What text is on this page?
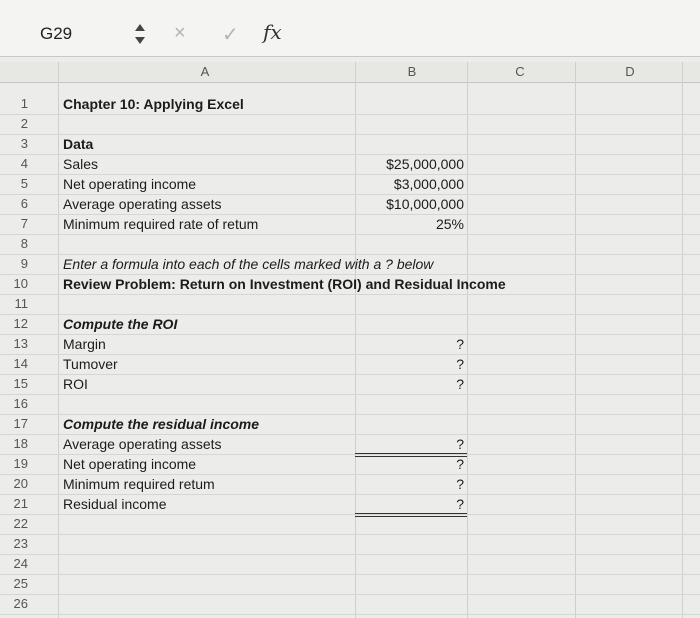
G29	× ✓ fx
A	B	C	D
1	Chapter 10: Applying Excel
2
3	Data
4	Sales	$25,000,000
5	Net operating income	$3,000,000
6	Average operating assets	$10,000,000
7	Minimum required rate of retum	25%
8
9	Enter a formula into each of the cells marked with a ? below
10	Review Problem: Return on Investment (ROI) and Residual Income
11
12	Compute the ROI
13	Margin	?
14	Tumover	?
15	ROI	?
16
17	Compute the residual income
18	Average operating assets	?
19	Net operating income	?
20	Minimum required retum	?
21	Residual income	?
22
23
24
25
26
